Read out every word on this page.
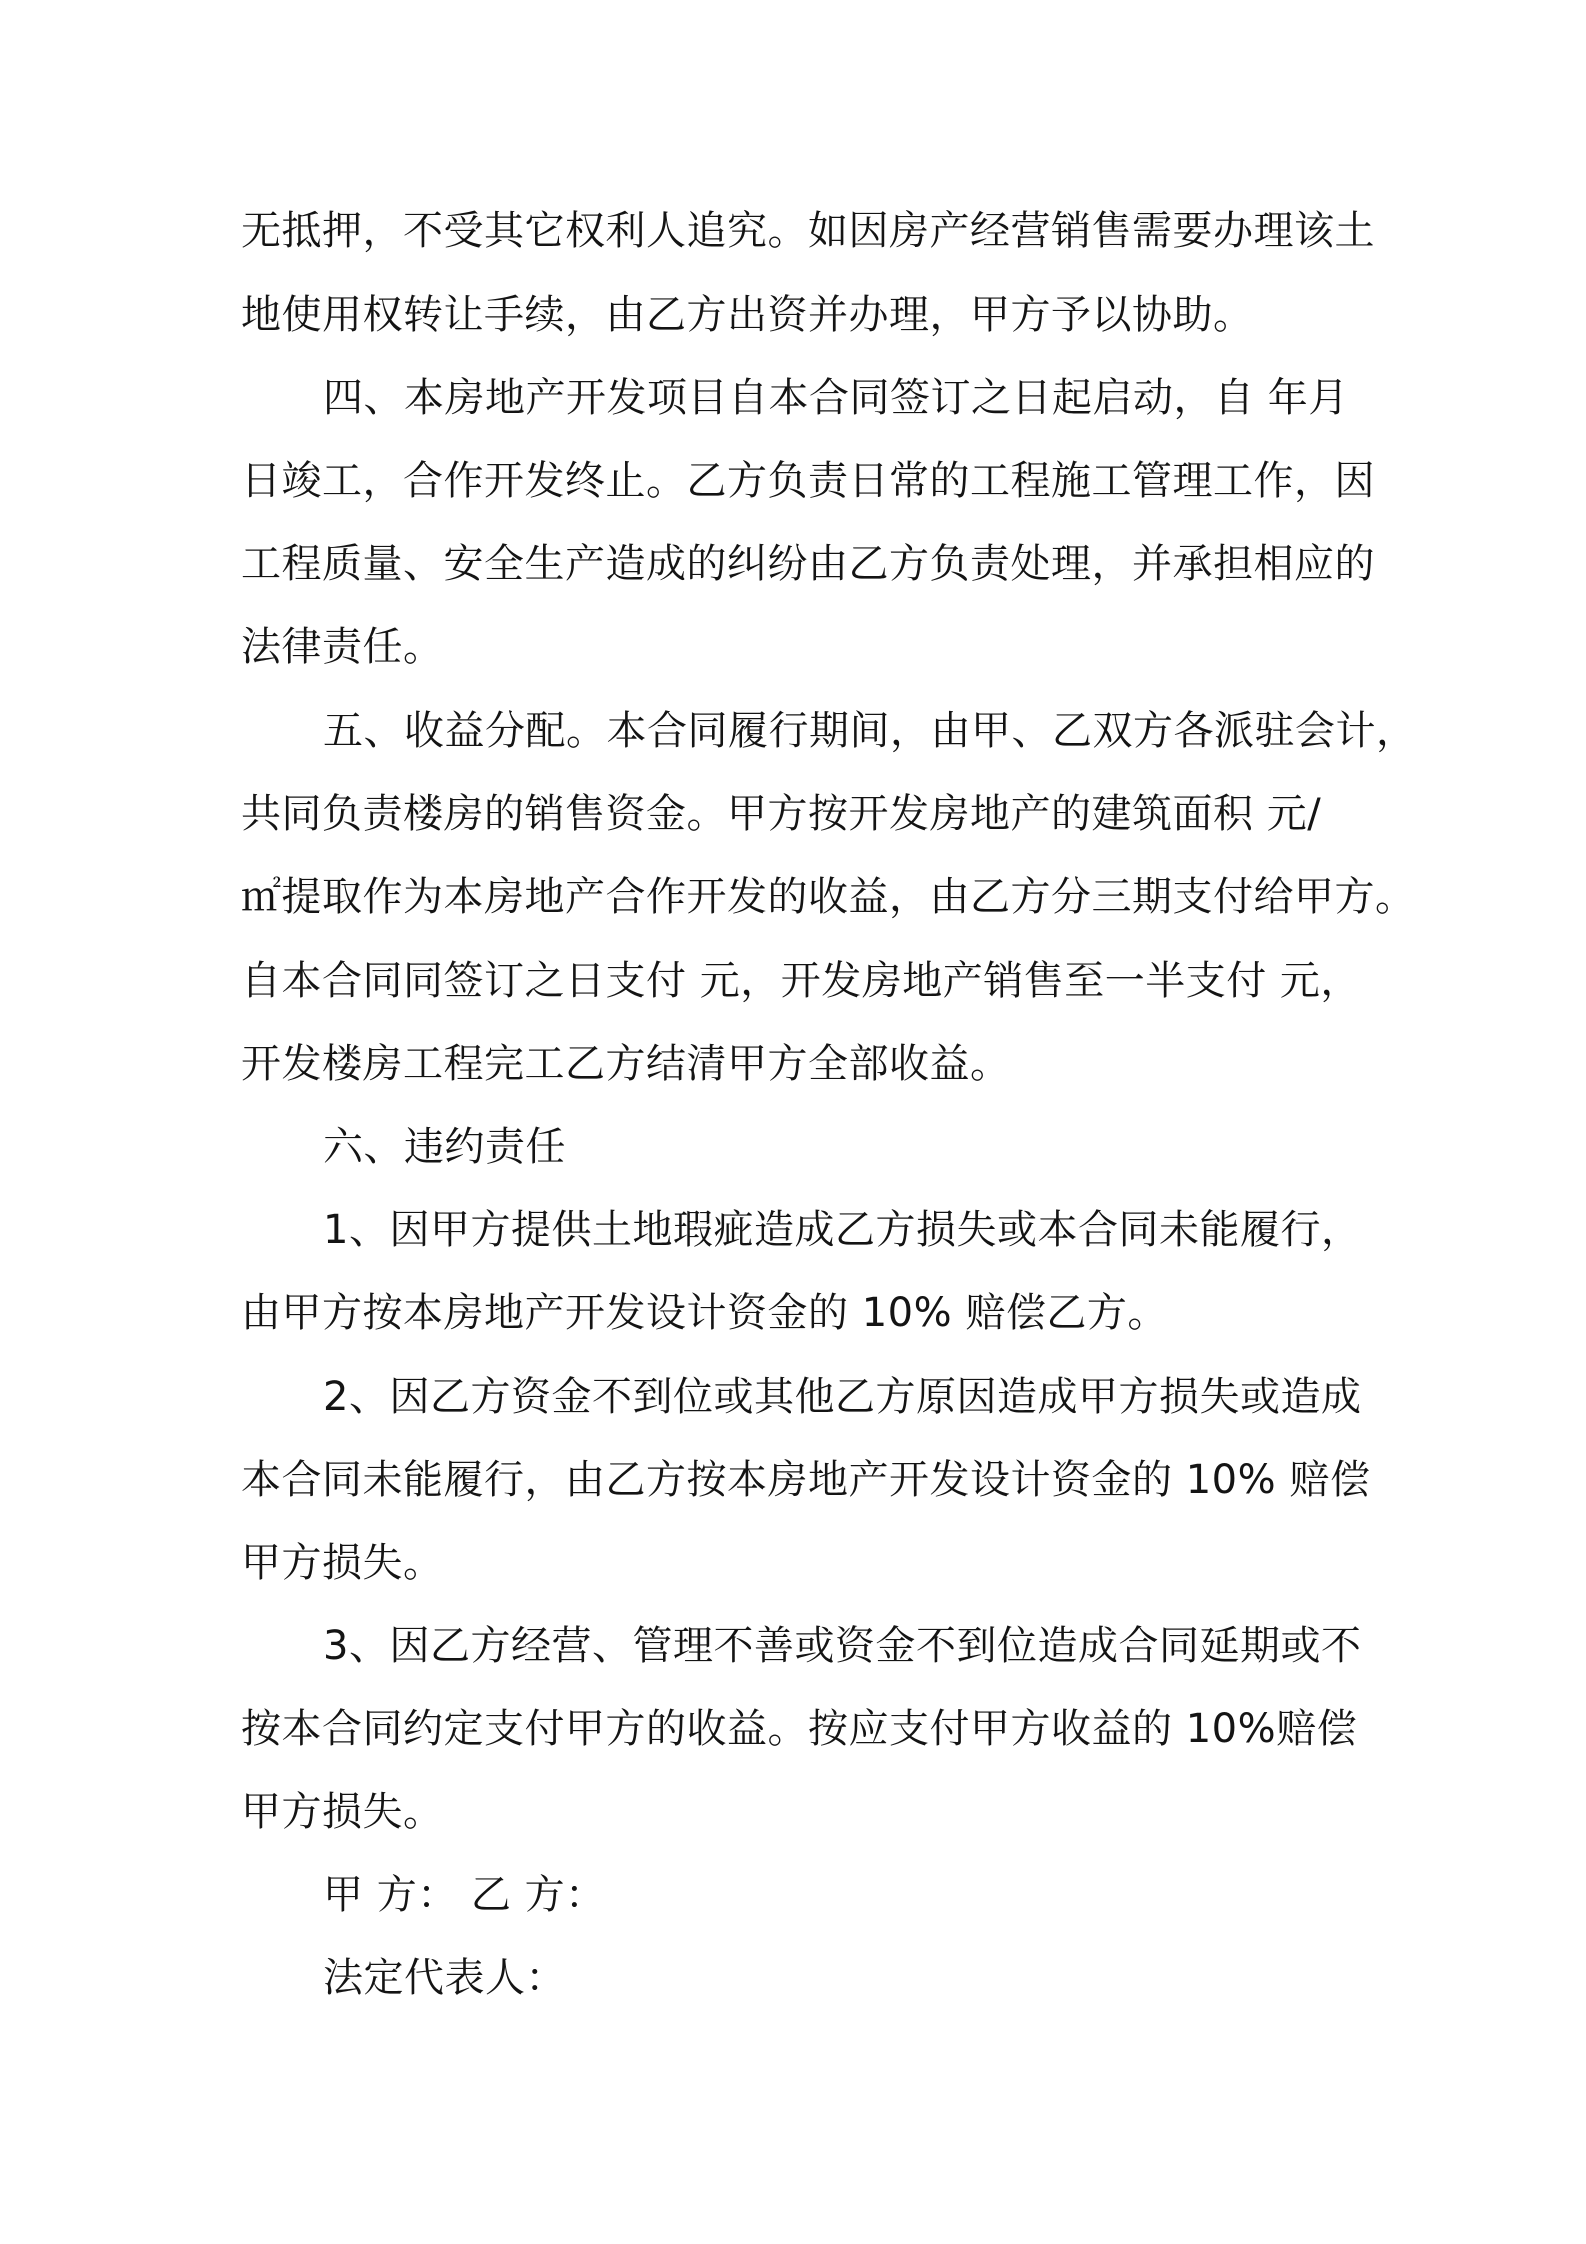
无抵押，不受其它权利人追究。如因房产经营销售需要办理该土
地使用权转让手续，由乙方出资并办理，甲方予以协助。
四、本房地产开发项目自本合同签订之日起启动，自 年月
日竣工，合作开发终止。乙方负责日常的工程施工管理工作，因
工程质量、安全生产造成的纠纷由乙方负责处理，并承担相应的
法律责任。
五、收益分配。本合同履行期间，由甲、乙双方各派驻会计，
共同负责楼房的销售资金。甲方按开发房地产的建筑面积 元/
㎡提取作为本房地产合作开发的收益，由乙方分三期支付给甲方。
自本合同同签订之日支付 元，开发房地产销售至一半支付 元，
开发楼房工程完工乙方结清甲方全部收益。
六、违约责任
1、因甲方提供土地瑕疵造成乙方损失或本合同未能履行，
由甲方按本房地产开发设计资金的 10% 赔偿乙方。
2、因乙方资金不到位或其他乙方原因造成甲方损失或造成
本合同未能履行，由乙方按本房地产开发设计资金的 10% 赔偿
甲方损失。
3、因乙方经营、管理不善或资金不到位造成合同延期或不
按本合同约定支付甲方的收益。按应支付甲方收益的 10%赔偿
甲方损失。
甲 方： 乙 方：
法定代表人：
